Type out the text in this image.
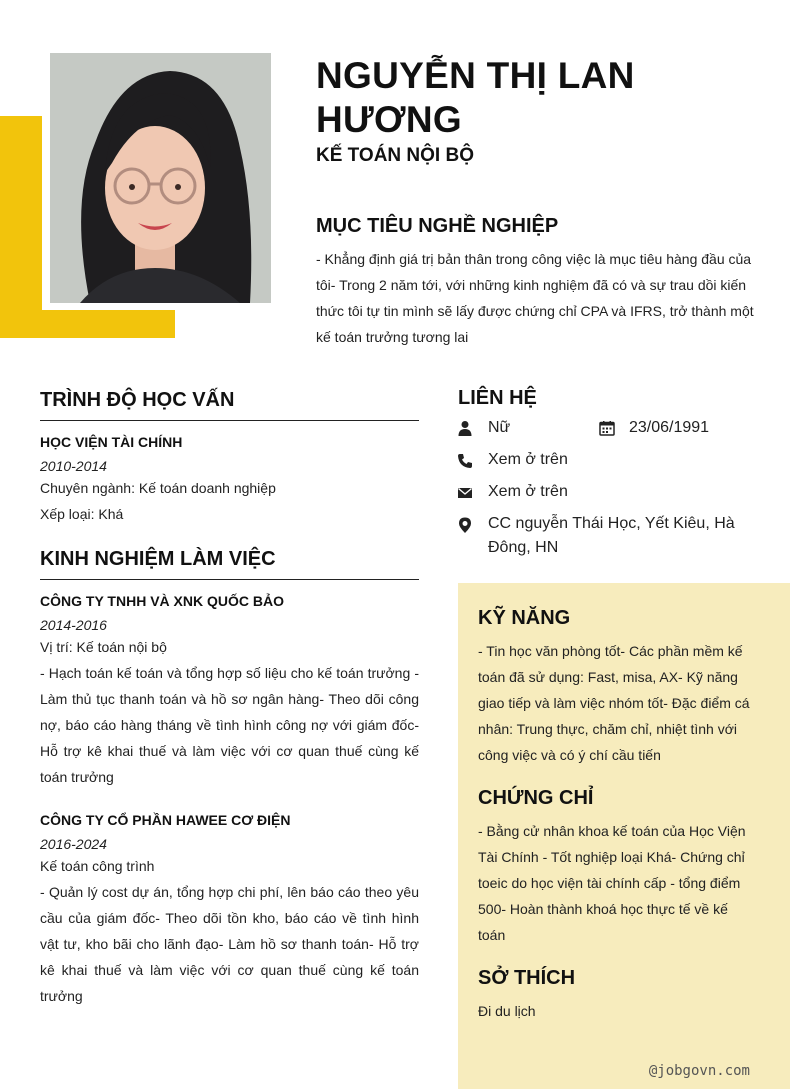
NGUYỄN THỊ LAN HƯƠNG
KẾ TOÁN NỘI BỘ
MỤC TIÊU NGHỀ NGHIỆP

- Khẳng định giá trị bản thân trong công việc là mục tiêu hàng đầu của tôi- Trong 2 năm tới, với những kinh nghiệm đã có và sự trau dồi kiến thức tôi tự tin mình sẽ lấy được chứng chỉ CPA và IFRS, trở thành một kế toán trưởng tương lai

TRÌNH ĐỘ HỌC VẤN

HỌC VIỆN TÀI CHÍNH

2010-2014

Chuyên ngành: Kế toán doanh nghiệp

Xếp loại: Khá

KINH NGHIỆM LÀM VIỆC

CÔNG TY TNHH VÀ XNK QUỐC BẢO

2014-2016

Vị trí: Kế toán nội bộ

- Hạch toán kế toán và tổng hợp số liệu cho kế toán trưởng - Làm thủ tục thanh toán và hồ sơ ngân hàng- Theo dõi công nợ, báo cáo hàng tháng về tình hình công nợ với giám đốc- Hỗ trợ kê khai thuế và làm việc với cơ quan thuế cùng kế toán trưởng

CÔNG TY CỔ PHẦN HAWEE CƠ ĐIỆN

2016-2024

Kế toán công trình

- Quản lý cost dự án, tổng hợp chi phí, lên báo cáo theo yêu cầu của giám đốc- Theo dõi tồn kho, báo cáo về tình hình vật tư, kho bãi cho lãnh đạo- Làm hồ sơ thanh toán- Hỗ trợ kê khai thuế và làm việc với cơ quan thuế cùng kế toán trưởng

LIÊN HỆ
Nữ	23/06/1991
Xem ở trên
Xem ở trên
CC nguyễn Thái Học, Yết Kiêu, Hà Đông, HN
KỸ NĂNG

- Tin học văn phòng tốt- Các phần mềm kế toán đã sử dụng: Fast, misa, AX- Kỹ năng giao tiếp và làm việc nhóm tốt- Đặc điểm cá nhân: Trung thực, chăm chỉ, nhiệt tình với công việc và có ý chí cầu tiến

CHỨNG CHỈ

- Bằng cử nhân khoa kế toán của Học Viện Tài Chính - Tốt nghiệp loại Khá- Chứng chỉ toeic do học viện tài chính cấp - tổng điểm 500- Hoàn thành khoá học thực tế về kế toán

SỞ THÍCH

Đi du lịch

@jobgovn.com
